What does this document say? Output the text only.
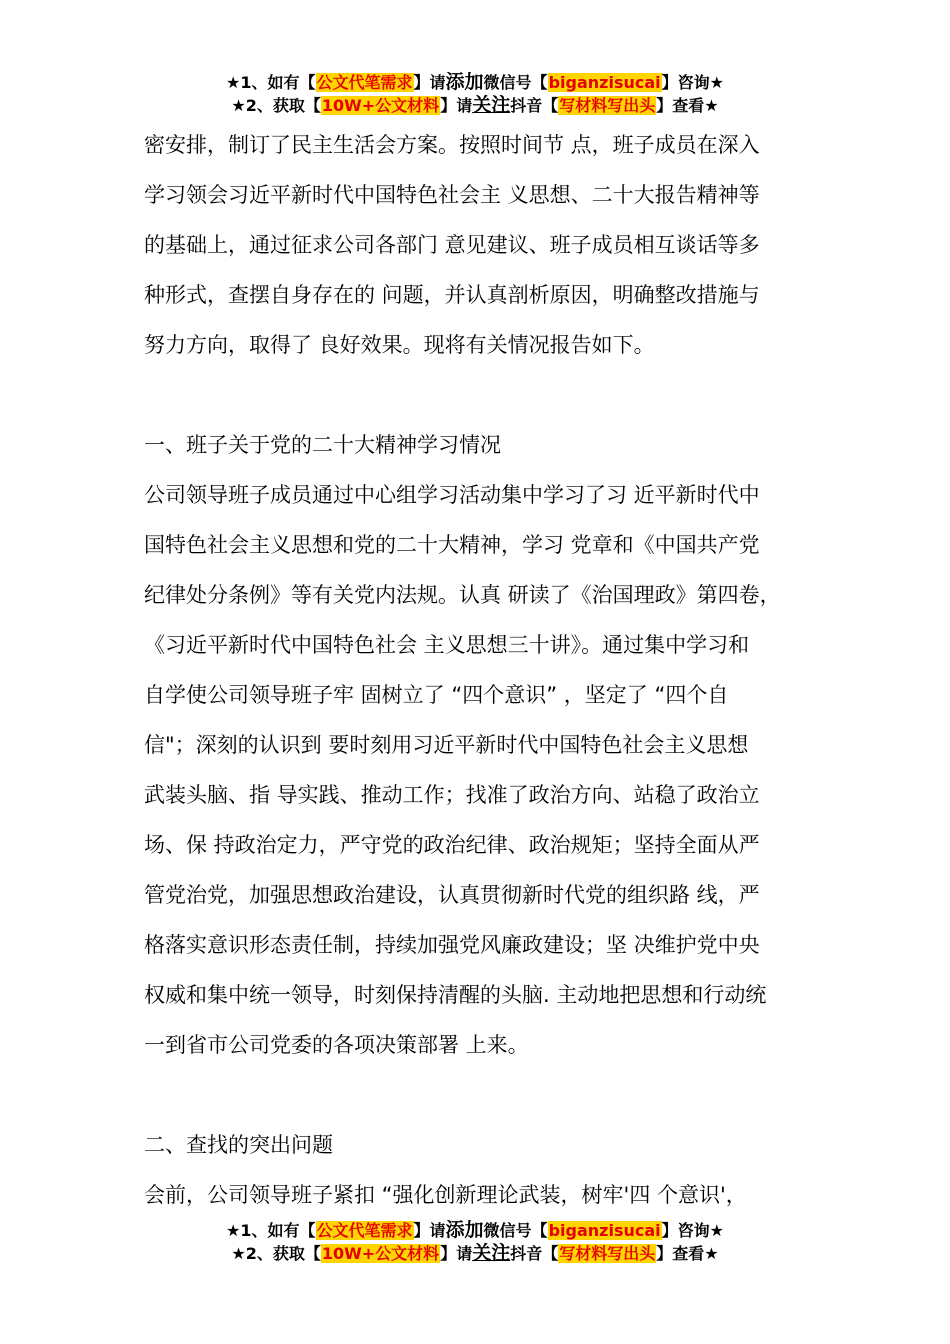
★1、如有【公文代笔需求】请添加微信号【biganzisucai】咨询★
★2、获取【10W+公文材料】请关注抖音【写材料写出头】查看★

密安排，制订了民主生活会方案。按照时间节 点，班子成员在深入

学习领会习近平新时代中国特色社会主 义思想、二十大报告精神等

的基础上，通过征求公司各部门 意见建议、班子成员相互谈话等多

种形式，查摆自身存在的 问题，并认真剖析原因，明确整改措施与

努力方向，取得了 良好效果。现将有关情况报告如下。

一、班子关于党的二十大精神学习情况

公司领导班子成员通过中心组学习活动集中学习了习 近平新时代中

国特色社会主义思想和党的二十大精神，学习 党章和《中国共产党

纪律处分条例》等有关党内法规。认真 研读了《治国理政》第四卷，

《习近平新时代中国特色社会 主义思想三十讲》。通过集中学习和

自学使公司领导班子牢 固树立了 “四个意识” ，坚定了 “四个自

信"；深刻的认识到 要时刻用习近平新时代中国特色社会主义思想

武装头脑、指 导实践、推动工作；找准了政治方向、站稳了政治立

场、保 持政治定力，严守党的政治纪律、政治规矩；坚持全面从严

管党治党，加强思想政治建设，认真贯彻新时代党的组织路 线，严

格落实意识形态责任制，持续加强党风廉政建设；坚 决维护党中央

权威和集中统一领导，时刻保持清醒的头脑. 主动地把思想和行动统

一到省市公司党委的各项决策部署 上来。

二、查找的突出问题

会前，公司领导班子紧扣 “强化创新理论武装，树牢'四 个意识'，

★1、如有【公文代笔需求】请添加微信号【biganzisucai】咨询★
★2、获取【10W+公文材料】请关注抖音【写材料写出头】查看★
